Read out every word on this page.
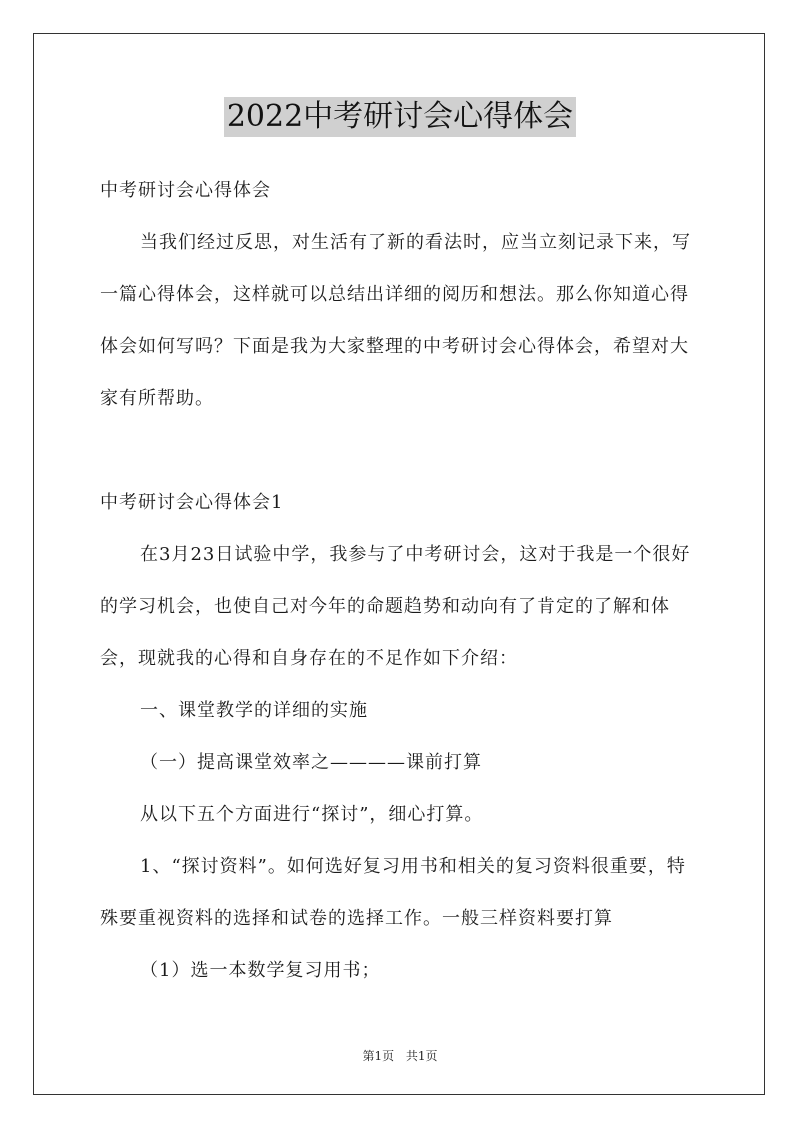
2022中考研讨会心得体会

中考研讨会心得体会

当我们经过反思，对生活有了新的看法时，应当立刻记录下来，写一篇心得体会，这样就可以总结出详细的阅历和想法。那么你知道心得体会如何写吗？下面是我为大家整理的中考研讨会心得体会，希望对大家有所帮助。

中考研讨会心得体会1

在3月23日试验中学，我参与了中考研讨会，这对于我是一个很好的学习机会，也使自己对今年的命题趋势和动向有了肯定的了解和体会，现就我的心得和自身存在的不足作如下介绍：

一、课堂教学的详细的实施

（一）提高课堂效率之————课前打算

从以下五个方面进行“探讨”，细心打算。

1、“探讨资料”。如何选好复习用书和相关的复习资料很重要，特殊要重视资料的选择和试卷的选择工作。一般三样资料要打算

（1）选一本数学复习用书；

第1页 共1页
